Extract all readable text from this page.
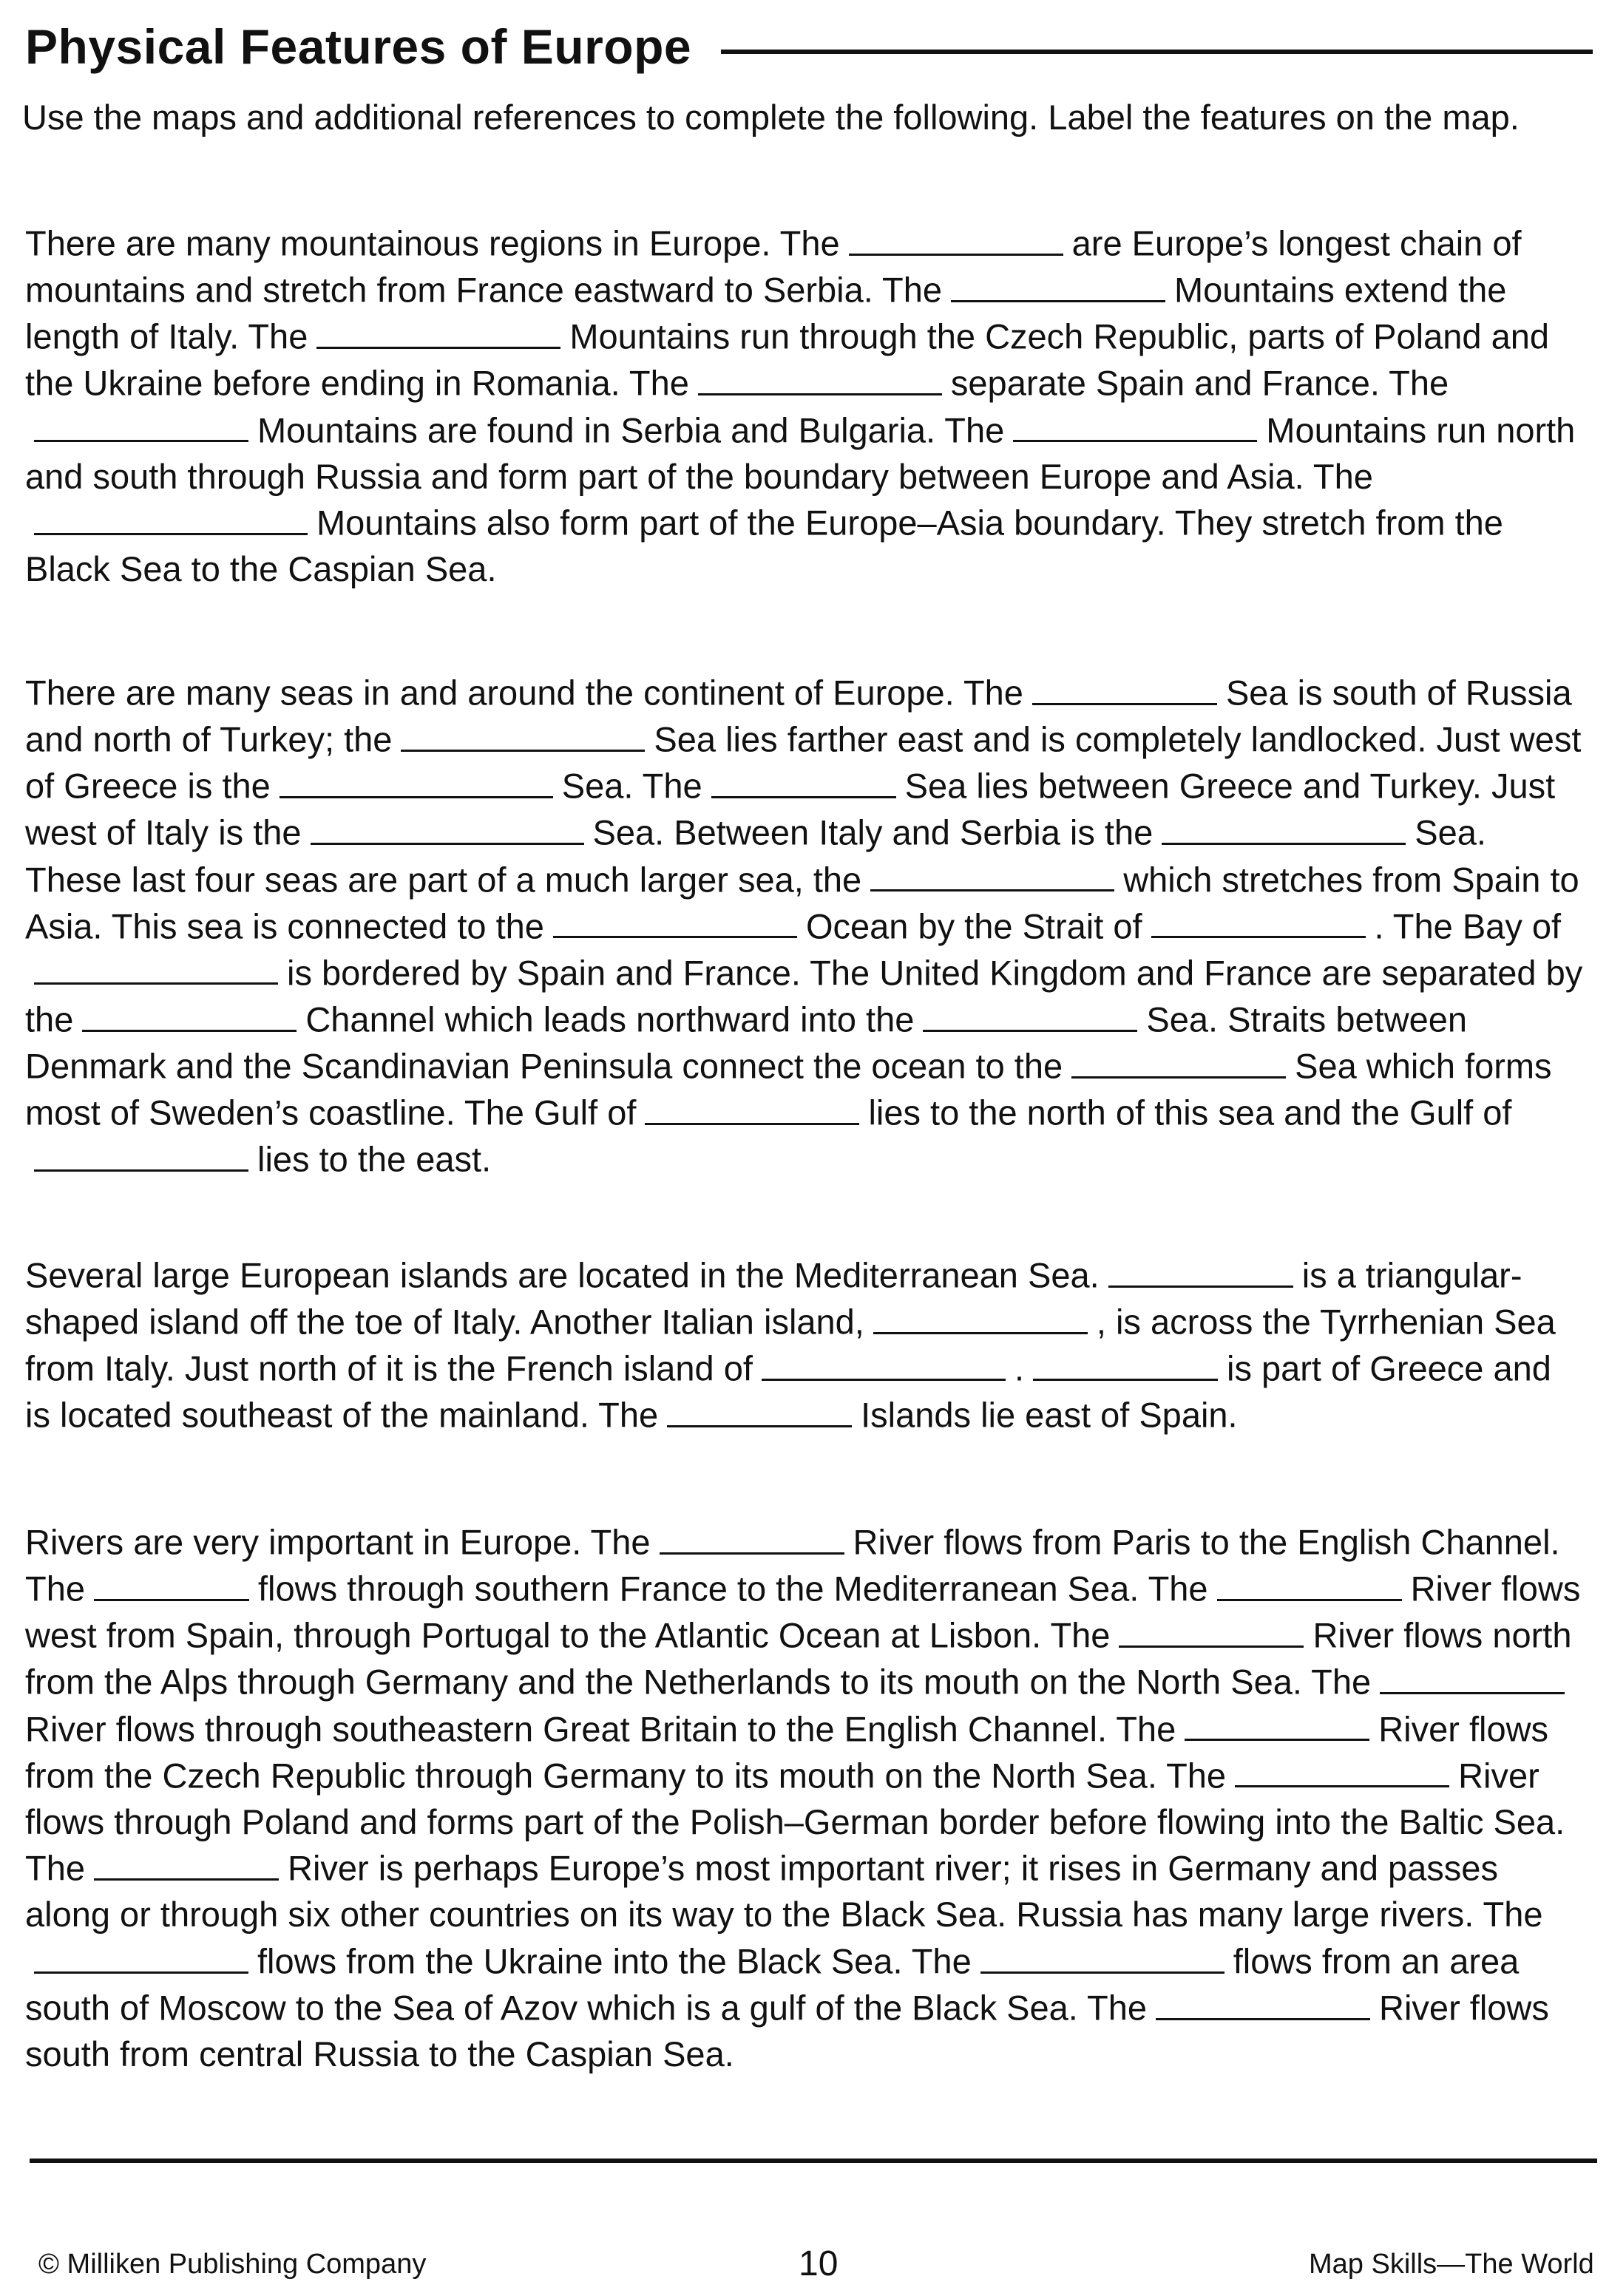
Physical Features of Europe
Use the maps and additional references to complete the following. Label the features on the map.
There are many mountainous regions in Europe. The	are Europe’s longest chain of mountains and stretch from France eastward to Serbia. The	Mountains extend the length of Italy. The	Mountains run through the Czech Republic, parts of Poland and the Ukraine before ending in Romania. The	separate Spain and France. TheMountains are found in Serbia and Bulgaria. The	Mountains run north and south through Russia and form part of the boundary between Europe and Asia. TheMountains also form part of the Europe–Asia boundary. They stretch from the Black Sea to the Caspian Sea.
There are many seas in and around the continent of Europe. The	Sea is south of Russia and north of Turkey; the	Sea lies farther east and is completely landlocked. Just west of Greece is the	Sea. The	Sea lies between Greece and Turkey. Just west of Italy is the	Sea. Between Italy and Serbia is the	Sea. These last four seas are part of a much larger sea, the	which stretches from Spain to Asia. This sea is connected to the	Ocean by the Strait of	. The Bay ofis bordered by Spain and France. The United Kingdom and France are separated by the	Channel which leads northward into the	Sea. Straits between Denmark and the Scandinavian Peninsula connect the ocean to the	Sea which forms most of Sweden’s coastline. The Gulf of	lies to the north of this sea and the Gulf oflies to the east.
Several large European islands are located in the Mediterranean Sea.	is a triangular-shaped island off the toe of Italy. Another Italian island,	, is across the Tyrrhenian Sea from Italy. Just north of it is the French island of	.	is part of Greece and is located southeast of the mainland. The	Islands lie east of Spain.
Rivers are very important in Europe. The	River flows from Paris to the English Channel. The	flows through southern France to the Mediterranean Sea. The	River flows west from Spain, through Portugal to the Atlantic Ocean at Lisbon. The	River flows north from the Alps through Germany and the Netherlands to its mouth on the North Sea. TheRiver flows through southeastern Great Britain to the English Channel. The	River flows from the Czech Republic through Germany to its mouth on the North Sea. The	River flows through Poland and forms part of the Polish–German border before flowing into the Baltic Sea. The	River is perhaps Europe’s most important river; it rises in Germany and passes along or through six other countries on its way to the Black Sea. Russia has many large rivers. Theflows from the Ukraine into the Black Sea. The	flows from an area south of Moscow to the Sea of Azov which is a gulf of the Black Sea. The	River flows south from central Russia to the Caspian Sea.
© Milliken Publishing Company	10	Map Skills—The World
